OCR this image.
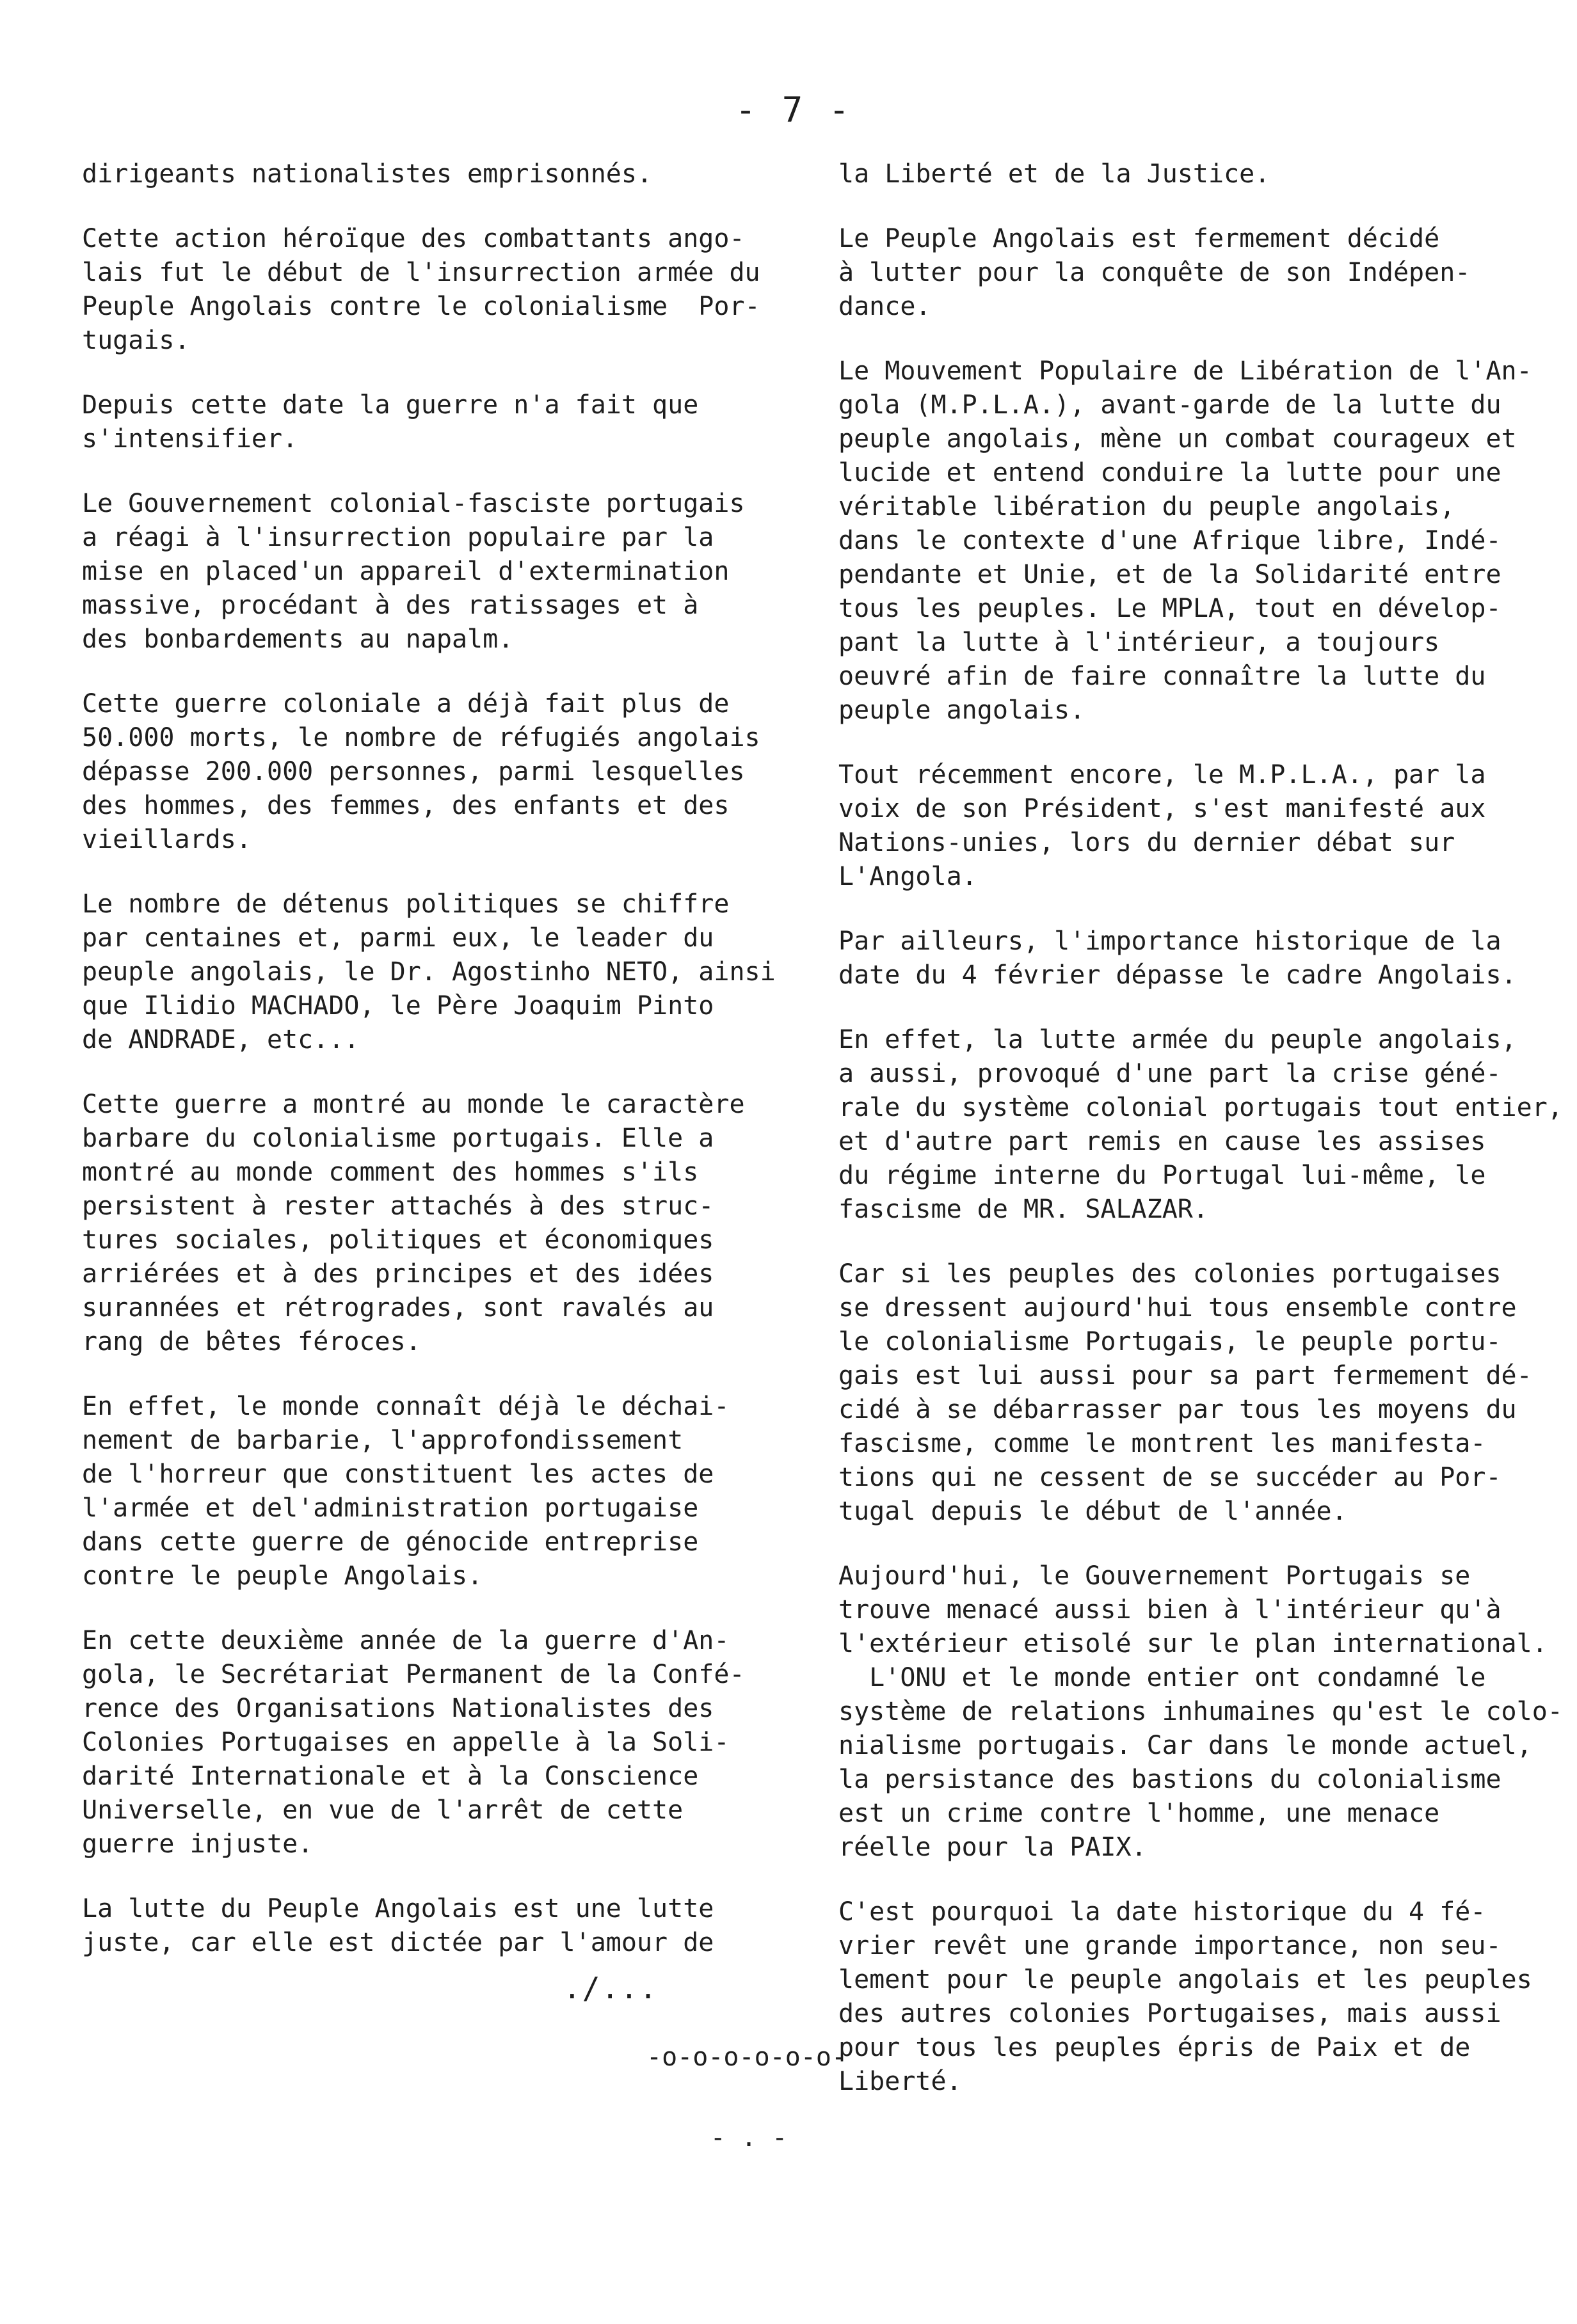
- 7 -

dirigeants nationalistes emprisonnés.

Cette action héroïque des combattants ango-
lais fut le début de l'insurrection armée du
Peuple Angolais contre le colonialisme  Por-
tugais.

Depuis cette date la guerre n'a fait que
s'intensifier.

Le Gouvernement colonial-fasciste portugais
a réagi à l'insurrection populaire par la
mise en placed'un appareil d'extermination
massive, procédant à des ratissages et à
des bonbardements au napalm.

Cette guerre coloniale a déjà fait plus de
50.000 morts, le nombre de réfugiés angolais
dépasse 200.000 personnes, parmi lesquelles
des hommes, des femmes, des enfants et des
vieillards.

Le nombre de détenus politiques se chiffre
par centaines et, parmi eux, le leader du
peuple angolais, le Dr. Agostinho NETO, ainsi
que Ilidio MACHADO, le Père Joaquim Pinto
de ANDRADE, etc...

Cette guerre a montré au monde le caractère
barbare du colonialisme portugais. Elle a
montré au monde comment des hommes s'ils
persistent à rester attachés à des struc-
tures sociales, politiques et économiques
arriérées et à des principes et des idées
surannées et rétrogrades, sont ravalés au
rang de bêtes féroces.

En effet, le monde connaît déjà le déchai-
nement de barbarie, l'approfondissement
de l'horreur que constituent les actes de
l'armée et del'administration portugaise
dans cette guerre de génocide entreprise
contre le peuple Angolais.

En cette deuxième année de la guerre d'An-
gola, le Secrétariat Permanent de la Confé-
rence des Organisations Nationalistes des
Colonies Portugaises en appelle à la Soli-
darité Internationale et à la Conscience
Universelle, en vue de l'arrêt de cette
guerre injuste.

La lutte du Peuple Angolais est une lutte
juste, car elle est dictée par l'amour de

la Liberté et de la Justice.

Le Peuple Angolais est fermement décidé
à lutter pour la conquête de son Indépen-
dance.

Le Mouvement Populaire de Libération de l'An-
gola (M.P.L.A.), avant-garde de la lutte du
peuple angolais, mène un combat courageux et
lucide et entend conduire la lutte pour une
véritable libération du peuple angolais,
dans le contexte d'une Afrique libre, Indé-
pendante et Unie, et de la Solidarité entre
tous les peuples. Le MPLA, tout en dévelop-
pant la lutte à l'intérieur, a toujours
oeuvré afin de faire connaître la lutte du
peuple angolais.

Tout récemment encore, le M.P.L.A., par la
voix de son Président, s'est manifesté aux
Nations-unies, lors du dernier débat sur
L'Angola.

Par ailleurs, l'importance historique de la
date du 4 février dépasse le cadre Angolais.

En effet, la lutte armée du peuple angolais,
a aussi, provoqué d'une part la crise géné-
rale du système colonial portugais tout entier,
et d'autre part remis en cause les assises
du régime interne du Portugal lui-même, le
fascisme de MR. SALAZAR.

Car si les peuples des colonies portugaises
se dressent aujourd'hui tous ensemble contre
le colonialisme Portugais, le peuple portu-
gais est lui aussi pour sa part fermement dé-
cidé à se débarrasser par tous les moyens du
fascisme, comme le montrent les manifesta-
tions qui ne cessent de se succéder au Por-
tugal depuis le début de l'année.

Aujourd'hui, le Gouvernement Portugais se
trouve menacé aussi bien à l'intérieur qu'à
l'extérieur etisolé sur le plan international.
L'ONU et le monde entier ont condamné le
système de relations inhumaines qu'est le colo-
nialisme portugais. Car dans le monde actuel,
la persistance des bastions du colonialisme
est un crime contre l'homme, une menace
réelle pour la PAIX.

C'est pourquoi la date historique du 4 fé-
vrier revêt une grande importance, non seu-
lement pour le peuple angolais et les peuples
des autres colonies Portugaises, mais aussi
pour tous les peuples épris de Paix et de
Liberté.

./...
-o-o-o-o-o-o-
- . -
